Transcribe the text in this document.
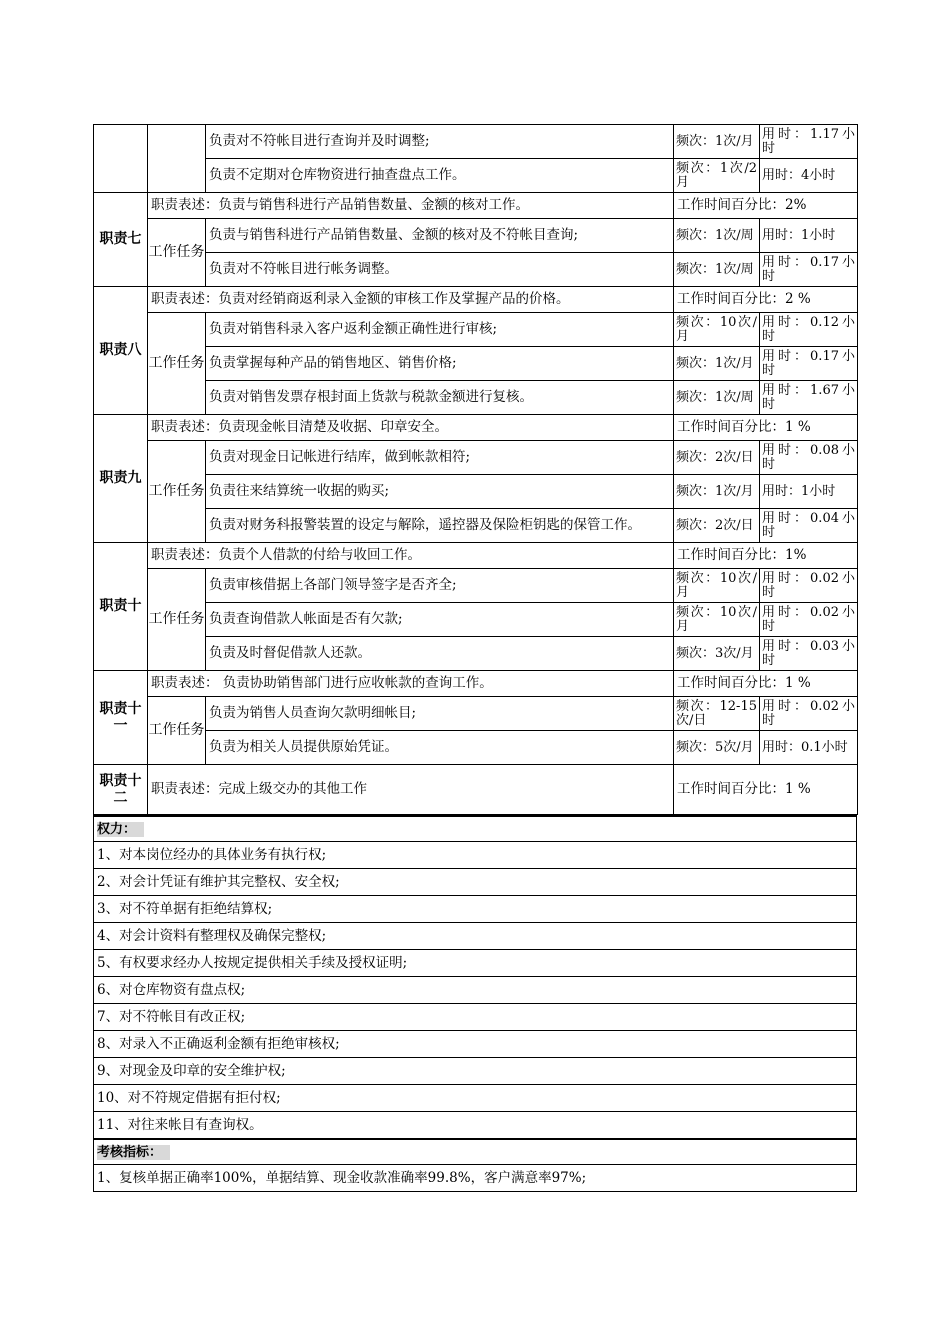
		负责对不符帐目进行查询并及时调整;	频次：1次/月	用时：1.17小时
		负责不定期对仓库物资进行抽查盘点工作。	频次：1次/2月	用时：4小时
职责七	职责表述：负责与销售科进行产品销售数量、金额的核对工作。		工作时间百分比：2%	
	工作任务	负责与销售科进行产品销售数量、金额的核对及不符帐目查询;	频次：1次/周	用时：1小时
		负责对不符帐目进行帐务调整。	频次：1次/周	用时：0.17小时
职责八	职责表述：负责对经销商返利录入金额的审核工作及掌握产品的价格。		工作时间百分比：2 %	
	工作任务	负责对销售科录入客户返利金额正确性进行审核;	频次：10次/月	用时：0.12小时
		负责掌握每种产品的销售地区、销售价格;	频次：1次/月	用时：0.17小时
		负责对销售发票存根封面上货款与税款金额进行复核。	频次：1次/周	用时：1.67小时
职责九	职责表述：负责现金帐目清楚及收据、印章安全。		工作时间百分比：1 %	
	工作任务	负责对现金日记帐进行结库，做到帐款相符;	频次：2次/日	用时：0.08小时
		负责往来结算统一收据的购买;	频次：1次/月	用时：1小时
		负责对财务科报警装置的设定与解除，遥控器及保险柜钥匙的保管工作。	频次：2次/日	用时：0.04小时
职责十	职责表述：负责个人借款的付给与收回工作。		工作时间百分比：1%	
	工作任务	负责审核借据上各部门领导签字是否齐全;	频次：10次/月	用时：0.02小时
		负责查询借款人帐面是否有欠款;	频次：10次/月	用时：0.02小时
		负责及时督促借款人还款。	频次：3次/月	用时：0.03小时
职责十一	职责表述： 负责协助销售部门进行应收帐款的查询工作。		工作时间百分比：1 %	
	工作任务	负责为销售人员查询欠款明细帐目;	频次：12-15次/日	用时：0.02小时
		负责为相关人员提供原始凭证。	频次：5次/月	用时：0.1小时
职责十二	职责表述：完成上级交办的其他工作		工作时间百分比：1 %	
权力：
1、对本岗位经办的具体业务有执行权;
2、对会计凭证有维护其完整权、安全权;
3、对不符单据有拒绝结算权;
4、对会计资料有整理权及确保完整权;
5、有权要求经办人按规定提供相关手续及授权证明;
6、对仓库物资有盘点权;
7、对不符帐目有改正权;
8、对录入不正确返利金额有拒绝审核权;
9、对现金及印章的安全维护权;
10、对不符规定借据有拒付权;
11、对往来帐目有查询权。
考核指标：
1、复核单据正确率100%，单据结算、现金收款准确率99.8%，客户满意率97%;
